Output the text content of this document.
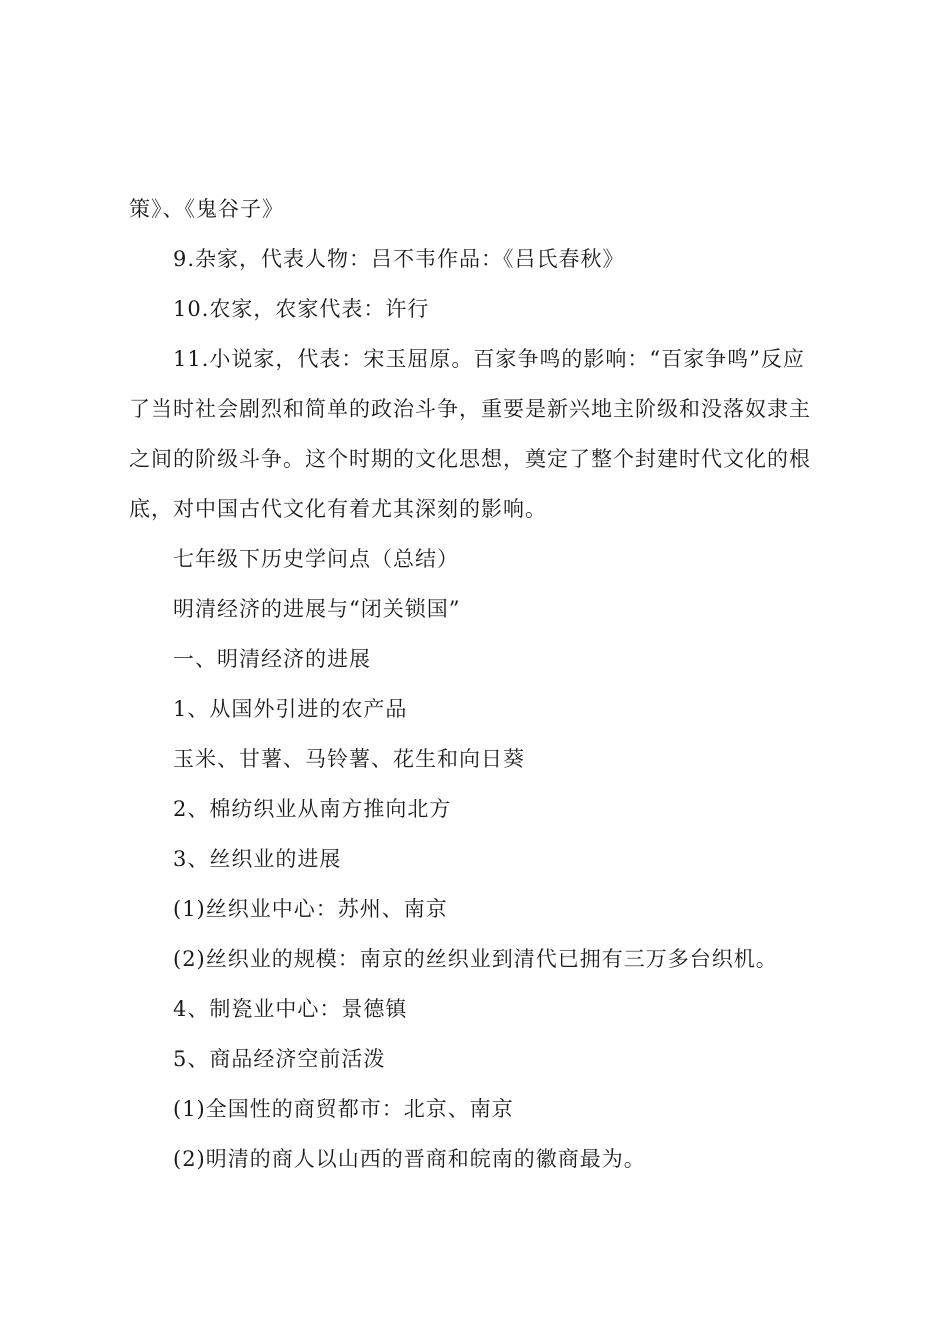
策》、《鬼谷子》
9.杂家，代表人物：吕不韦作品：《吕氏春秋》
10.农家，农家代表：许行
11.小说家，代表：宋玉屈原。百家争鸣的影响：“百家争鸣”反应
了当时社会剧烈和简单的政治斗争，重要是新兴地主阶级和没落奴隶主
之间的阶级斗争。这个时期的文化思想，奠定了整个封建时代文化的根
底，对中国古代文化有着尤其深刻的影响。
七年级下历史学问点（总结）
明清经济的进展与“闭关锁国”
一、明清经济的进展
1、从国外引进的农产品
玉米、甘薯、马铃薯、花生和向日葵
2、棉纺织业从南方推向北方
3、丝织业的进展
(1)丝织业中心：苏州、南京
(2)丝织业的规模：南京的丝织业到清代已拥有三万多台织机。
4、制瓷业中心：景德镇
5、商品经济空前活泼
(1)全国性的商贸都市：北京、南京
(2)明清的商人以山西的晋商和皖南的徽商最为。
